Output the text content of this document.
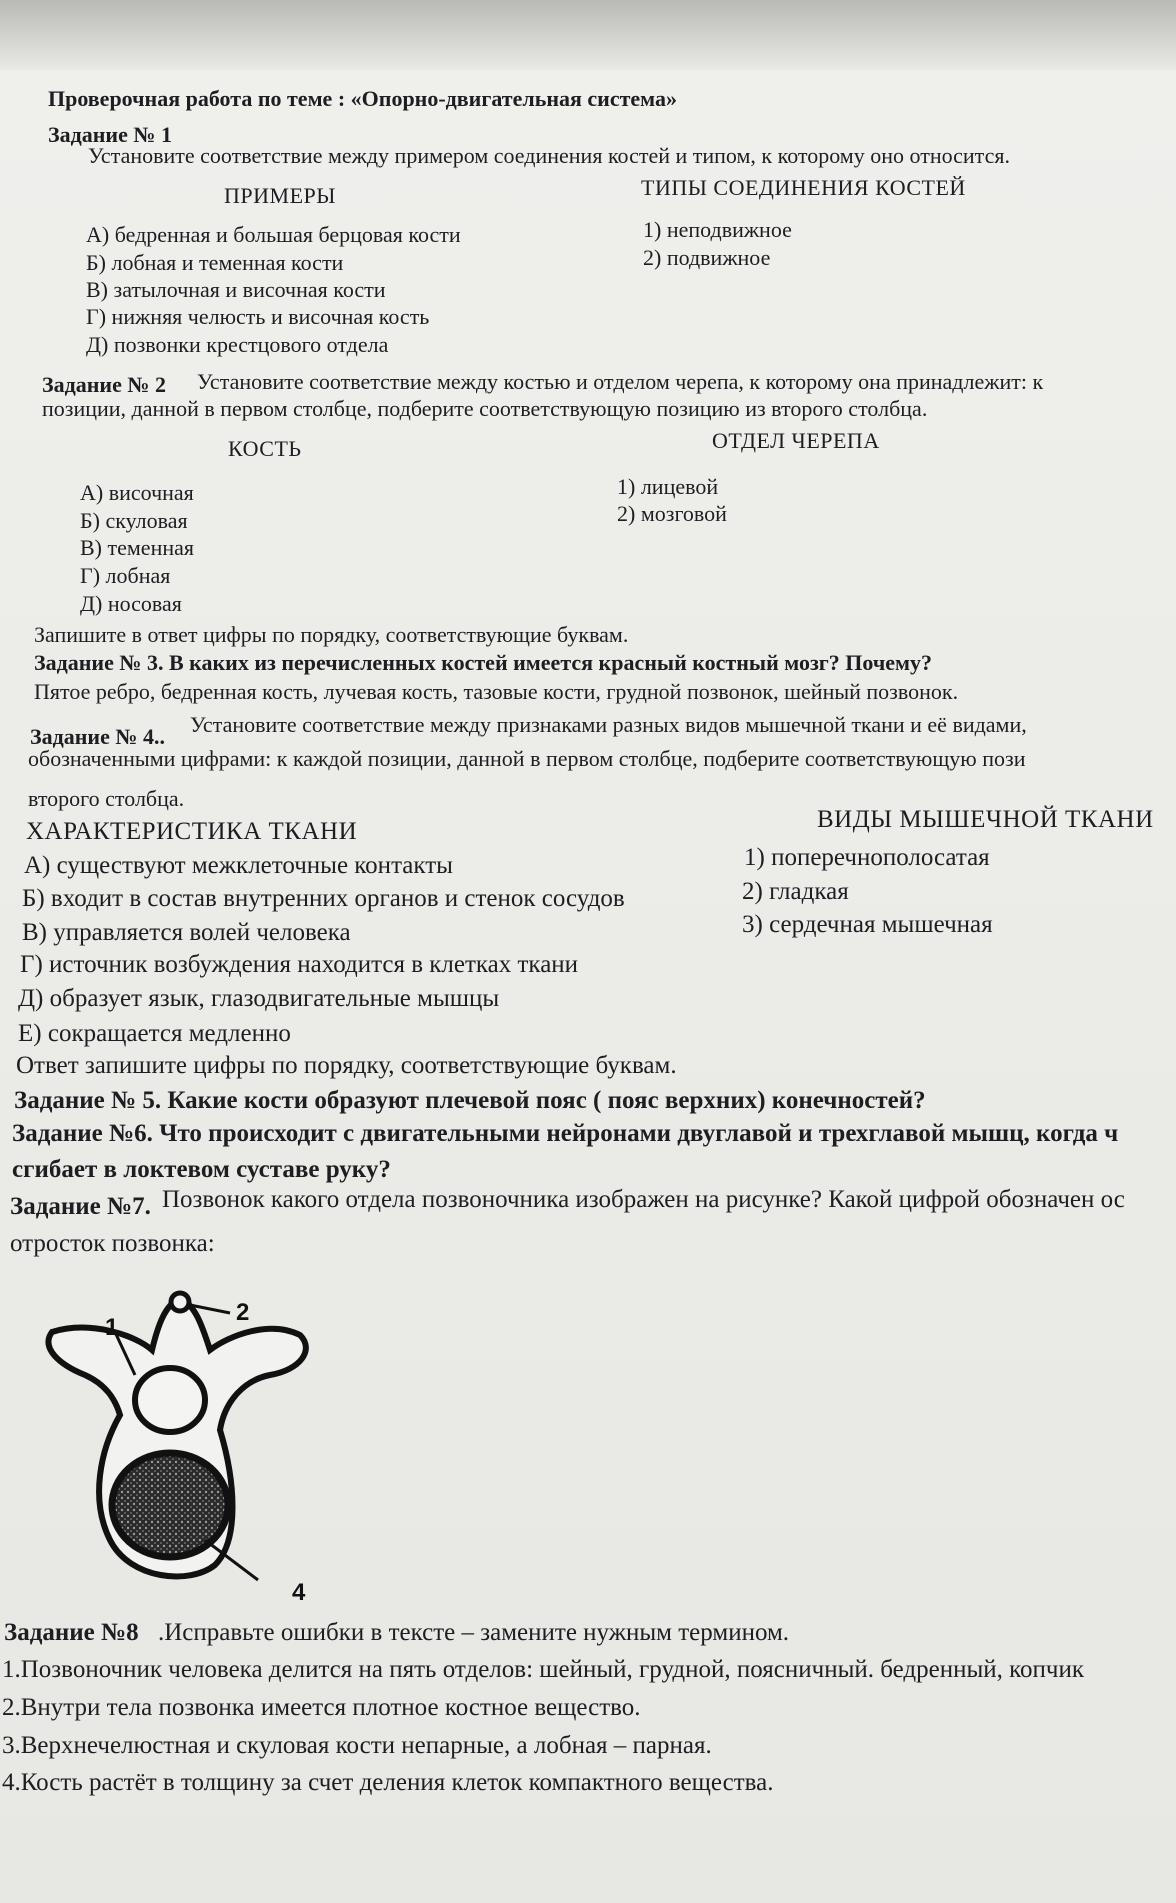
Проверочная работа по теме : «Опорно-двигательная система»
Задание № 1
Установите соответствие между примером соединения костей и типом, к которому оно относится.
ПРИМЕРЫ	ТИПЫ СОЕДИНЕНИЯ КОСТЕЙ
А) бедренная и большая берцовая кости
Б) лобная и теменная кости
В) затылочная и височная кости
Г) нижняя челюсть и височная кость
Д) позвонки крестцового отдела
1) неподвижное
2) подвижное
Задание № 2 Установите соответствие между костью и отделом черепа, к которому она принадлежит: к
позиции, данной в первом столбце, подберите соответствующую позицию из второго столбца.
КОСТЬ	ОТДЕЛ ЧЕРЕПА
А) височная
Б) скуловая
В) теменная
Г) лобная
Д) носовая
1) лицевой
2) мозговой
Запишите в ответ цифры по порядку, соответствующие буквам.
Задание № 3. В каких из перечисленных костей имеется красный костный мозг? Почему?
Пятое ребро, бедренная кость, лучевая кость, тазовые кости, грудной позвонок, шейный позвонок.
Задание № 4.. Установите соответствие между признаками разных видов мышечной ткани и её видами,
обозначенными цифрами: к каждой позиции, данной в первом столбце, подберите соответствующую пози
второго столбца.
ХАРАКТЕРИСТИКА ТКАНИ	ВИДЫ МЫШЕЧНОЙ ТКАНИ
А) существуют межклеточные контакты
Б) входит в состав внутренних органов и стенок сосудов
В) управляется волей человека
Г) источник возбуждения находится в клетках ткани
Д) образует язык, глазодвигательные мышцы
Е) сокращается медленно
1) поперечнополосатая
2) гладкая
3) сердечная мышечная
Ответ запишите цифры по порядку, соответствующие буквам.
Задание № 5. Какие кости образуют плечевой пояс ( пояс верхних) конечностей?
Задание №6. Что происходит с двигательными нейронами двуглавой и трехглавой мышц, когда ч
сгибает в локтевом суставе руку?
Задание №7. Позвонок какого отдела позвоночника изображен на рисунке? Какой цифрой обозначен ос
отросток позвонка:
2
1
4
Задание №8 .Исправьте ошибки в тексте – замените нужным термином.
1.Позвоночник человека делится на пять отделов: шейный, грудной, поясничный. бедренный, копчик
2.Внутри тела позвонка имеется плотное костное вещество.
3.Верхнечелюстная и скуловая кости непарные, а лобная – парная.
4.Кость растёт в толщину за счет деления клеток компактного вещества.
